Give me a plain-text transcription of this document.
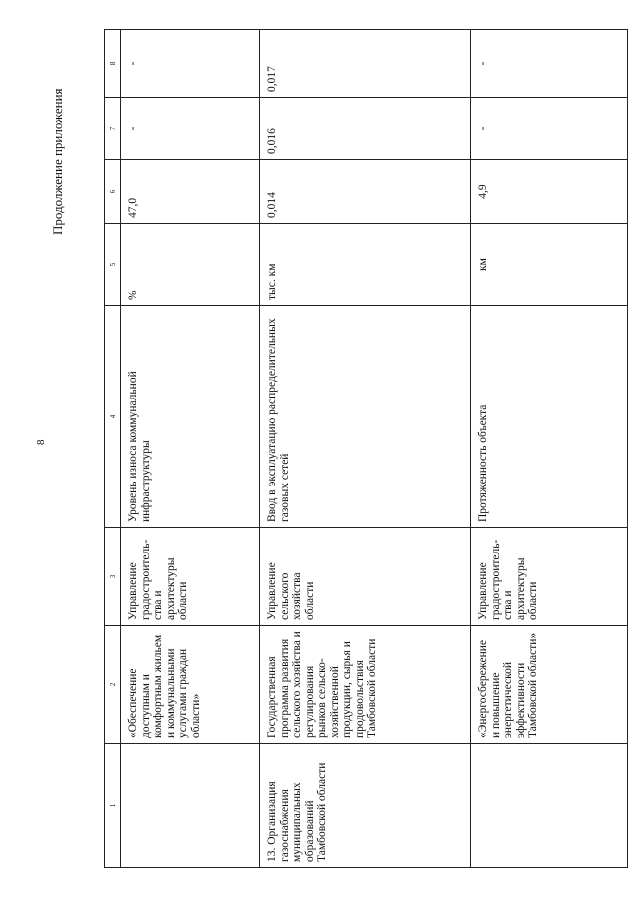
8
Продолжение приложения
1	2	3	4	5	6	7	8
	«Обеспечение доступным и комфортным жильем и коммунальными услугами граждан области»	Управление градостроительства и архитектуры области	Уровень износа коммунальной инфраструктуры	%	47,0	-	-
13. Организация газоснабжения муниципальных образований Тамбовской области	Государственная программа развития сельского хозяйства и регулирования рынков сельскохозяйственной продукции, сырья и продовольствия Тамбовской области	Управление сельского хозяйства области	Ввод в эксплуатацию распределительных газовых сетей	тыс. км	0,014	0,016	0,017
	«Энергосбережение и повышение энергетической эффективности Тамбовской области»	Управление градостроительства и архитектуры области	Протяженность объекта	км	4,9	-	-
